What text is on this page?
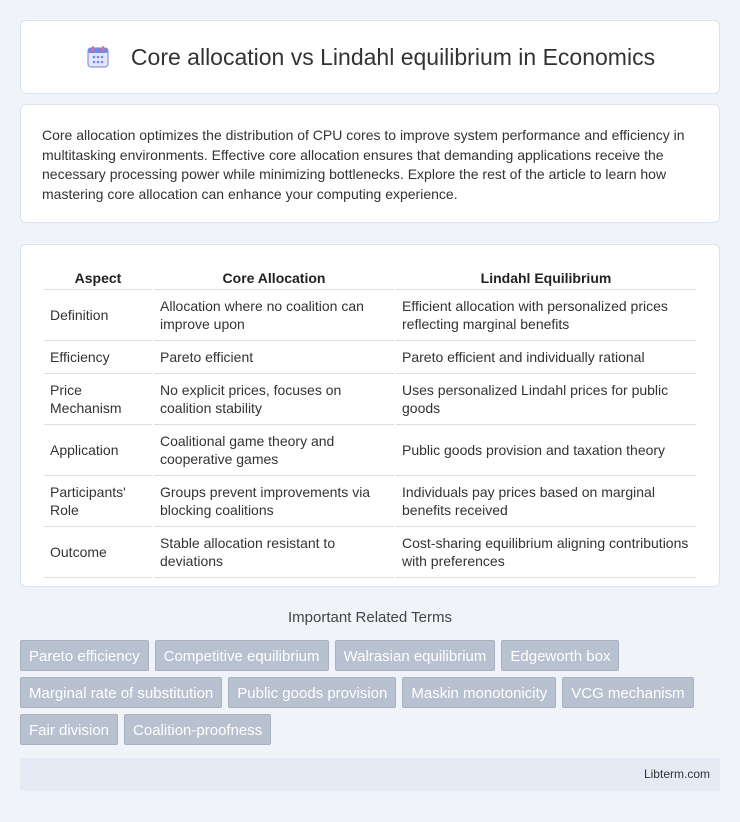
Core allocation vs Lindahl equilibrium in Economics

Core allocation optimizes the distribution of CPU cores to improve system performance and efficiency in multitasking environments. Effective core allocation ensures that demanding applications receive the necessary processing power while minimizing bottlenecks. Explore the rest of the article to learn how mastering core allocation can enhance your computing experience.

Aspect	Core Allocation	Lindahl Equilibrium
Definition	Allocation where no coalition can improve upon	Efficient allocation with personalized prices reflecting marginal benefits
Efficiency	Pareto efficient	Pareto efficient and individually rational
Price Mechanism	No explicit prices, focuses on coalition stability	Uses personalized Lindahl prices for public goods
Application	Coalitional game theory and cooperative games	Public goods provision and taxation theory
Participants' Role	Groups prevent improvements via blocking coalitions	Individuals pay prices based on marginal benefits received
Outcome	Stable allocation resistant to deviations	Cost-sharing equilibrium aligning contributions with preferences
Important Related Terms
Pareto efficiency	Competitive equilibrium	Walrasian equilibrium	Edgeworth box
Marginal rate of substitution	Public goods provision	Maskin monotonicity	VCG mechanism
Fair division	Coalition-proofness
Libterm.com
